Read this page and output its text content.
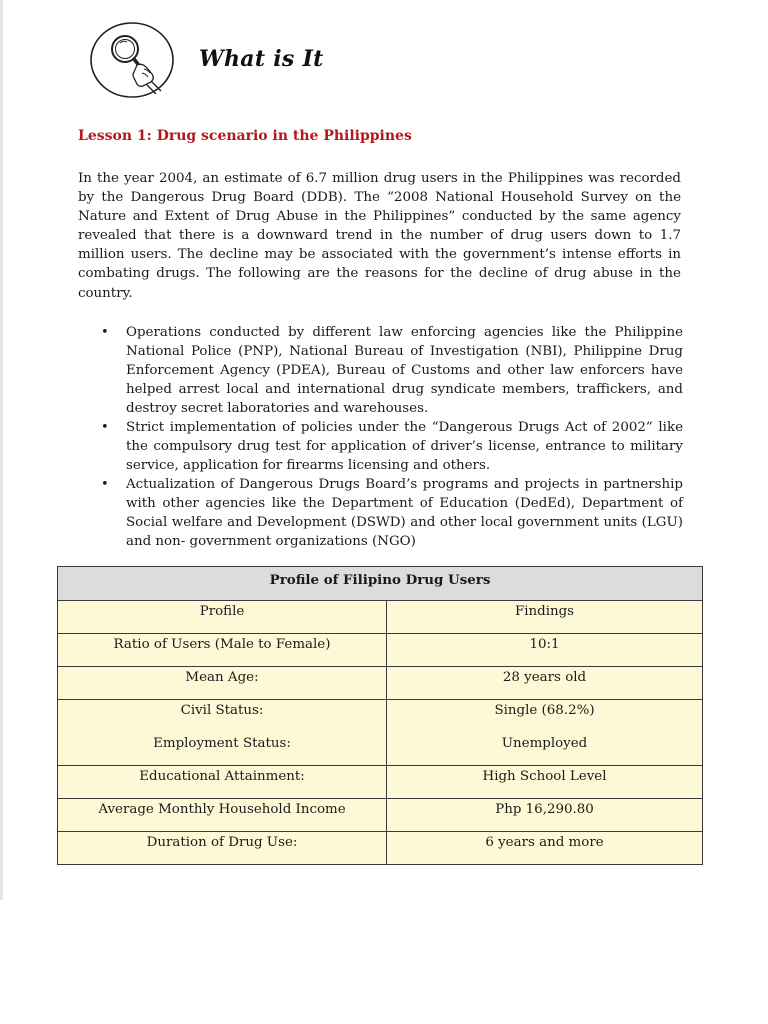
What is It
Lesson 1: Drug scenario in the Philippines

In the year 2004, an estimate of 6.7 million drug users in the Philippines was recorded by the Dangerous Drug Board (DDB). The “2008 National Household Survey on the Nature and Extent of Drug Abuse in the Philippines” conducted by the same agency revealed that there is a downward trend in the number of drug users down to 1.7 million users. The decline may be associated with the government’s intense efforts in combating drugs. The following are the reasons for the decline of drug abuse in the country.

• Operations conducted by different law enforcing agencies like the Philippine National Police (PNP), National Bureau of Investigation (NBI), Philippine Drug Enforcement Agency (PDEA), Bureau of Customs and other law enforcers have helped arrest local and international drug syndicate members, traffickers, and destroy secret laboratories and warehouses.
• Strict implementation of policies under the “Dangerous Drugs Act of 2002” like the compulsory drug test for application of driver’s license, entrance to military service, application for firearms licensing and others.
• Actualization of Dangerous Drugs Board’s programs and projects in partnership with other agencies like the Department of Education (DedEd), Department of Social welfare and Development (DSWD) and other local government units (LGU) and non- government organizations (NGO)
Profile of Filipino Drug Users
Profile	Findings
Ratio of Users (Male to Female)	10:1
Mean Age:	28 years old
Civil Status:	Single (68.2%)
Employment Status:	Unemployed
Educational Attainment:	High School Level
Average Monthly Household Income	Php 16,290.80
Duration of Drug Use:	6 years and more
